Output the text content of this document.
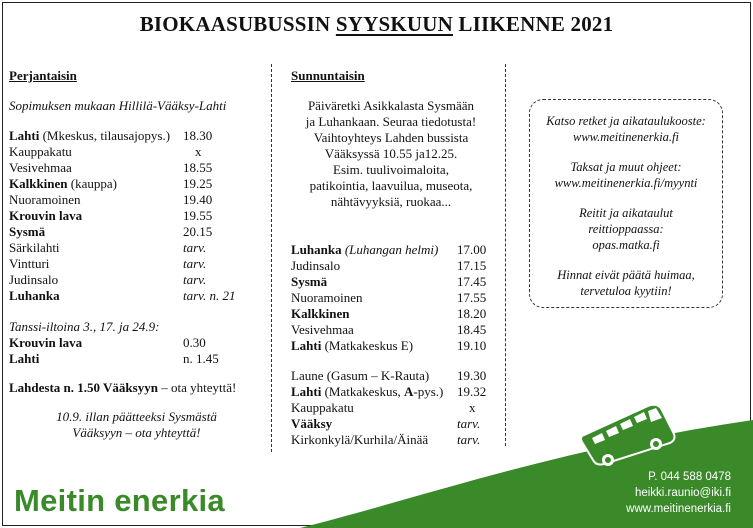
BIOKAASUBUSSIN SYYSKUUN LIIKENNE 2021
Perjantaisin
Sopimuksen mukaan Hillilä-Vääksy-Lahti
Lahti (Mkeskus, tilausajopys.) 18.30
Kauppakatu	x
Vesivehmaa	18.55
Kalkkinen (kauppa)	19.25
Nuoramoinen	19.40
Krouvin lava	19.55
Sysmä	20.15
Särkilahti	tarv.
Vintturi	tarv.
Judinsalo	tarv.
Luhanka	tarv. n. 21
Tanssi-iltoina 3., 17. ja 24.9:
Krouvin lava	0.30
Lahti	n. 1.45
Lahdesta n. 1.50 Vääksyyn – ota yhteyttä!
10.9. illan päätteeksi Sysmästä
Vääksyyn – ota yhteyttä!
Sunnuntaisin
Päiväretki Asikkalasta Sysmään
ja Luhankaan. Seuraa tiedotusta!
Vaihtoyhteys Lahden bussista
Vääksyssä 10.55 ja12.25.
Esim. tuulivoimaloita,
patikointia, laavuilua, museota,
nähtävyyksiä, ruokaa...
Luhanka (Luhangan helmi) 17.00
Judinsalo	17.15
Sysmä	17.45
Nuoramoinen	17.55
Kalkkinen	18.20
Vesivehmaa	18.45
Lahti (Matkakeskus E)	19.10
Laune (Gasum – K-Rauta) 19.30
Lahti (Matkakeskus, A-pys.) 19.32
Kauppakatu	x
Vääksy	tarv.
Kirkonkylä/Kurhila/Äinää tarv.

Katso retket ja aikataulukooste:

www.meitinenerkia.fi

Taksat ja muut ohjeet:

www.meitinenerkia.fi/myynti

Reitit ja aikataulut

reittioppaassa:

opas.matka.fi

Hinnat eivät päätä huimaa,

tervetuloa kyytiin!

Meitin enerkia
P. 044 588 0478
heikki.raunio@iki.fi
www.meitinenerkia.fi
